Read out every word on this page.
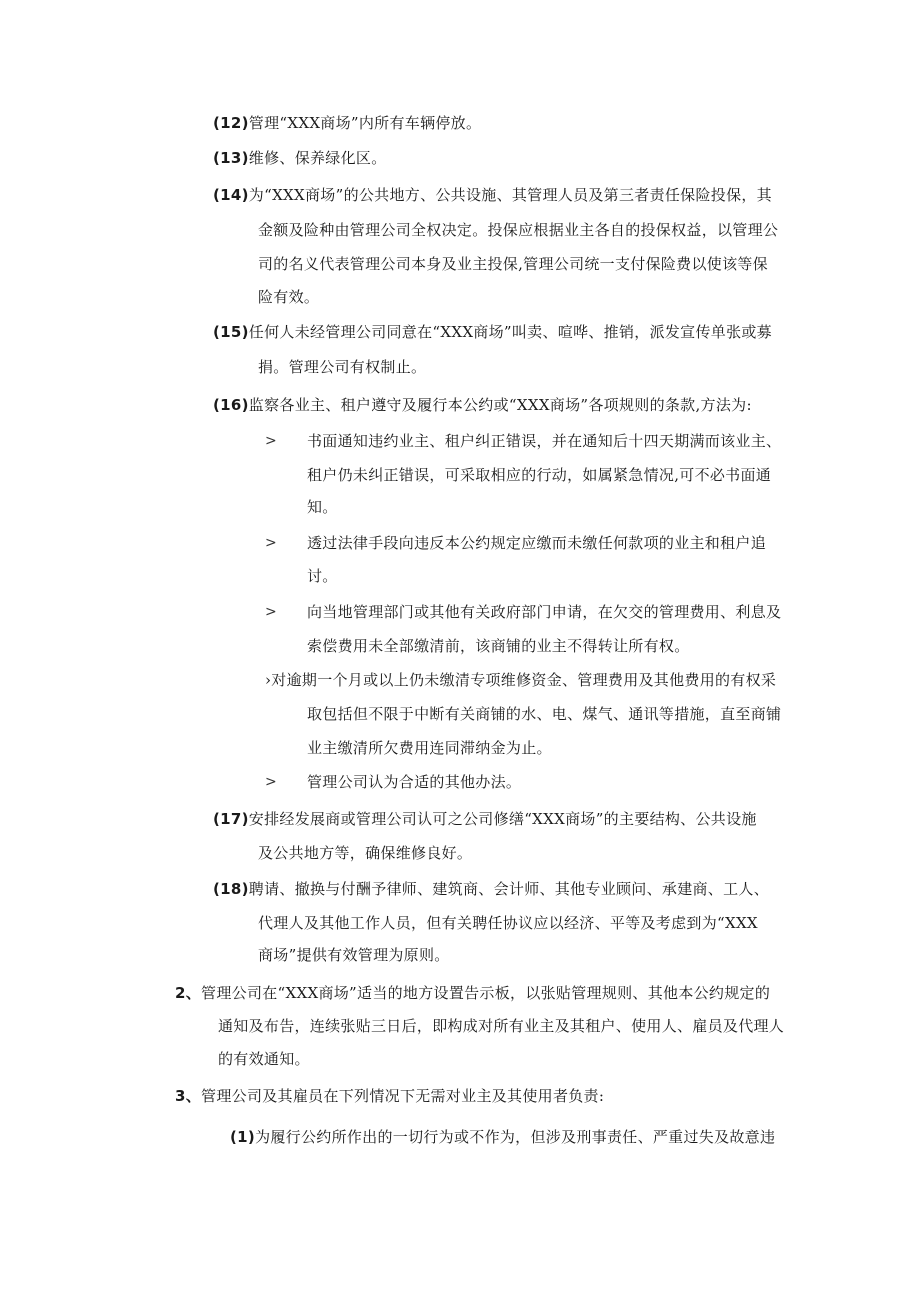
(12)管理“XXX商场”内所有车辆停放。
(13)维修、保养绿化区。
(14)为“XXX商场”的公共地方、公共设施、其管理人员及第三者责任保险投保，其
金额及险种由管理公司全权决定。投保应根据业主各自的投保权益，以管理公
司的名义代表管理公司本身及业主投保,管理公司统一支付保险费以使该等保
险有效。
(15)任何人未经管理公司同意在“XXX商场”叫卖、喧哗、推销，派发宣传单张或募
捐。管理公司有权制止。
(16)监察各业主、租户遵守及履行本公约或“XXX商场”各项规则的条款,方法为:
> 书面通知违约业主、租户纠正错误，并在通知后十四天期满而该业主、
租户仍未纠正错误，可采取相应的行动，如属紧急情况,可不必书面通
知。
> 透过法律手段向违反本公约规定应缴而未缴任何款项的业主和租户追
讨。
> 向当地管理部门或其他有关政府部门申请，在欠交的管理费用、利息及
索偿费用未全部缴清前，该商铺的业主不得转让所有权。
›对逾期一个月或以上仍未缴清专项维修资金、管理费用及其他费用的有权采
取包括但不限于中断有关商铺的水、电、煤气、通讯等措施，直至商铺
业主缴清所欠费用连同滞纳金为止。
> 管理公司认为合适的其他办法。
(17)安排经发展商或管理公司认可之公司修缮“XXX商场”的主要结构、公共设施
及公共地方等，确保维修良好。
(18)聘请、撤换与付酬予律师、建筑商、会计师、其他专业顾问、承建商、工人、
代理人及其他工作人员，但有关聘任协议应以经济、平等及考虑到为“XXX
商场”提供有效管理为原则。
2、管理公司在“XXX商场”适当的地方设置告示板，以张贴管理规则、其他本公约规定的
通知及布告，连续张贴三日后，即构成对所有业主及其租户、使用人、雇员及代理人
的有效通知。
3、管理公司及其雇员在下列情况下无需对业主及其使用者负责:
(1)为履行公约所作出的一切行为或不作为，但涉及刑事责任、严重过失及故意违
